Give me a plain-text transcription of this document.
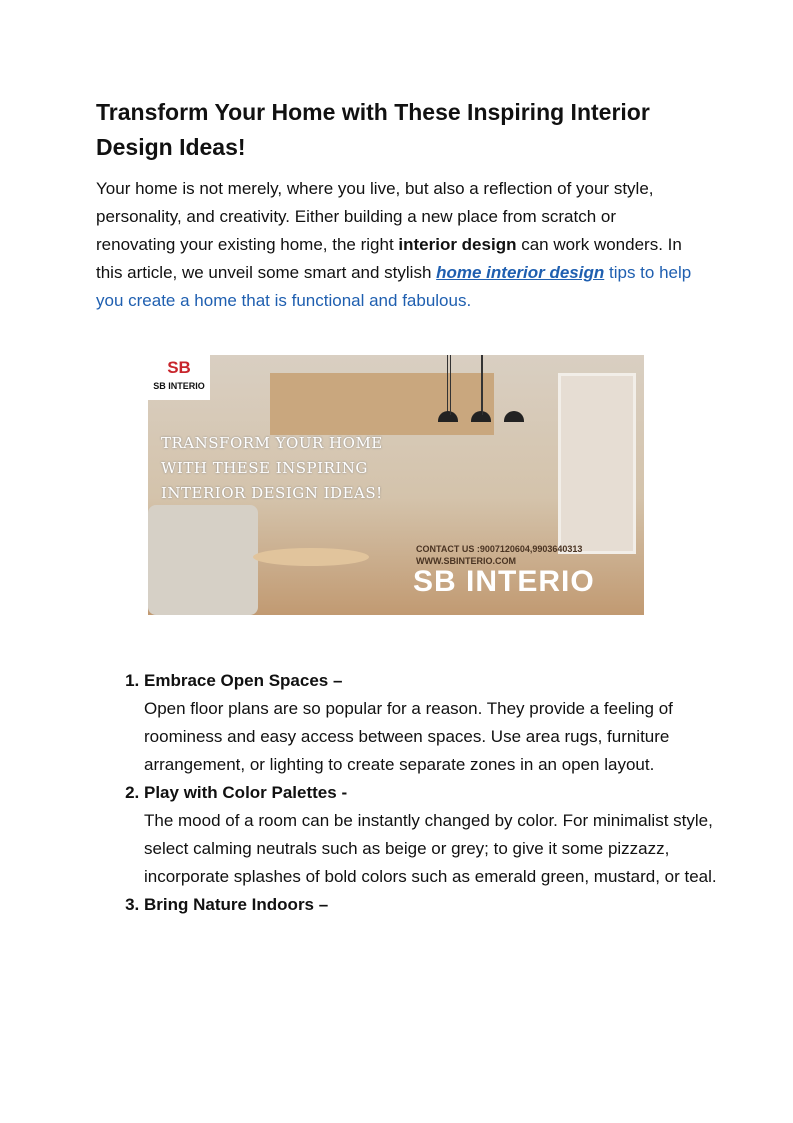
Transform Your Home with These Inspiring Interior Design Ideas!

Your home is not merely, where you live, but also a reflection of your style, personality, and creativity. Either building a new place from scratch or renovating your existing home, the right interior design can work wonders. In this article, we unveil some smart and stylish home interior design tips to help you create a home that is functional and fabulous.

SB
SB INTERIO
TRANSFORM YOUR HOME
WITH THESE INSPIRING
INTERIOR DESIGN IDEAS!
CONTACT US :9007120604,9903640313
WWW.SBINTERIO.COM
SB INTERIO
1. Embrace Open Spaces –
Open floor plans are so popular for a reason. They provide a feeling of roominess and easy access between spaces. Use area rugs, furniture arrangement, or lighting to create separate zones in an open layout.
2. Play with Color Palettes -
The mood of a room can be instantly changed by color. For minimalist style, select calming neutrals such as beige or grey; to give it some pizzazz, incorporate splashes of bold colors such as emerald green, mustard, or teal.
3. Bring Nature Indoors –
